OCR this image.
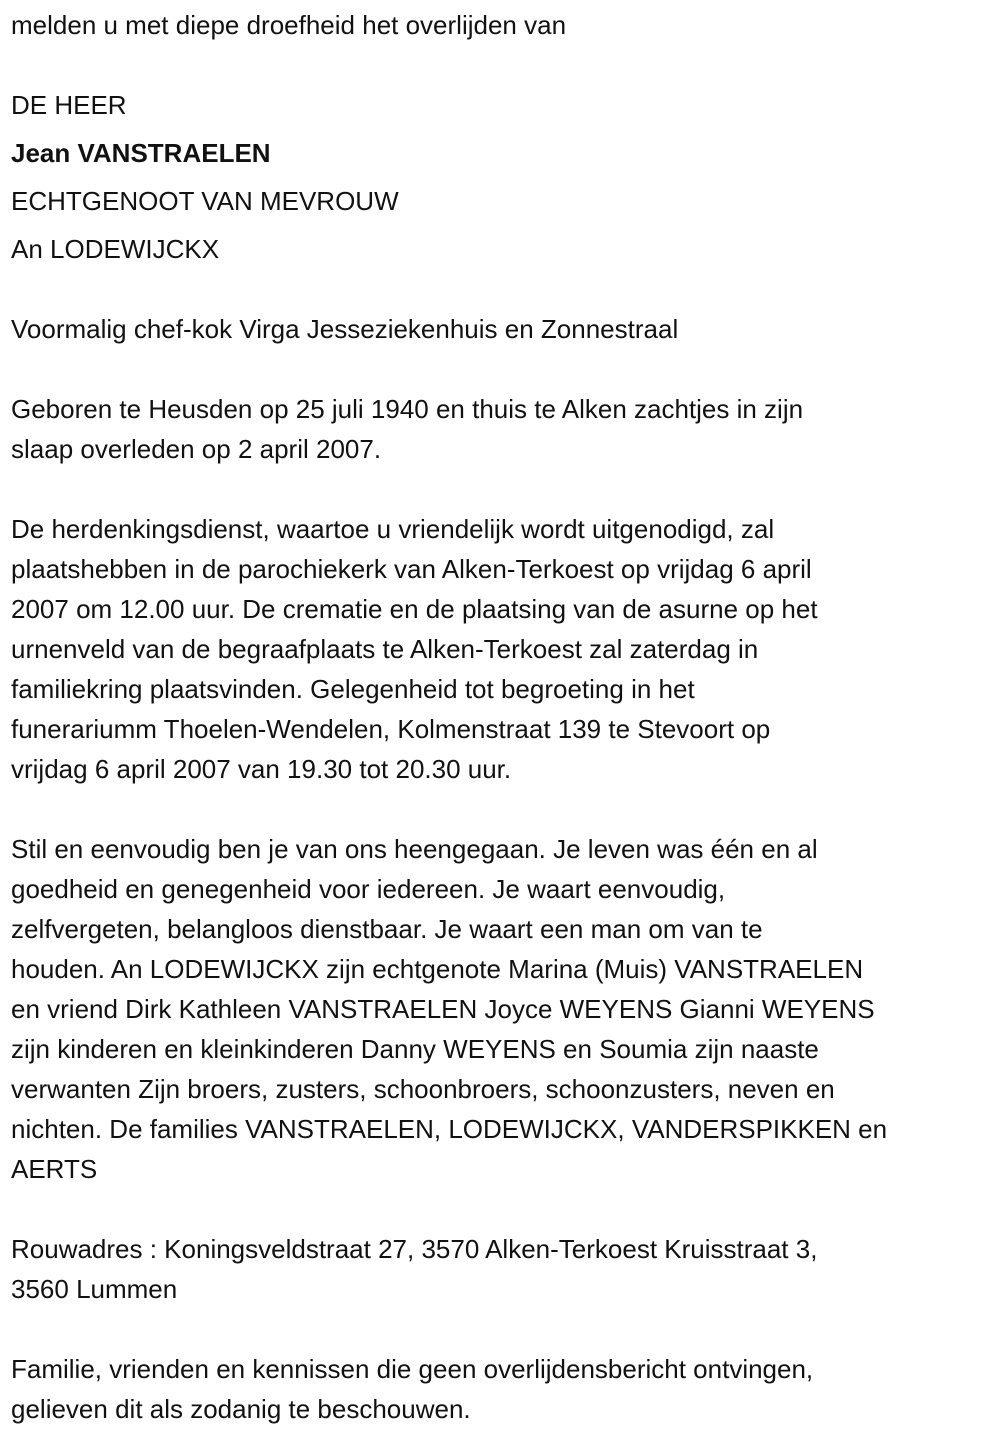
melden u met diepe droefheid het overlijden van
DE HEER
Jean VANSTRAELEN
ECHTGENOOT VAN MEVROUW
An LODEWIJCKX
Voormalig chef-kok Virga Jesseziekenhuis en Zonnestraal
Geboren te Heusden op 25 juli 1940 en thuis te Alken zachtjes in zijn
slaap overleden op 2 april 2007.
De herdenkingsdienst, waartoe u vriendelijk wordt uitgenodigd, zal
plaatshebben in de parochiekerk van Alken-Terkoest op vrijdag 6 april
2007 om 12.00 uur. De crematie en de plaatsing van de asurne op het
urnenveld van de begraafplaats te Alken-Terkoest zal zaterdag in
familiekring plaatsvinden. Gelegenheid tot begroeting in het
funerariumm Thoelen-Wendelen, Kolmenstraat 139 te Stevoort op
vrijdag 6 april 2007 van 19.30 tot 20.30 uur.
Stil en eenvoudig ben je van ons heengegaan. Je leven was één en al
goedheid en genegenheid voor iedereen. Je waart eenvoudig,
zelfvergeten, belangloos dienstbaar. Je waart een man om van te
houden. An LODEWIJCKX zijn echtgenote Marina (Muis) VANSTRAELEN
en vriend Dirk Kathleen VANSTRAELEN Joyce WEYENS Gianni WEYENS
zijn kinderen en kleinkinderen Danny WEYENS en Soumia zijn naaste
verwanten Zijn broers, zusters, schoonbroers, schoonzusters, neven en
nichten. De families VANSTRAELEN, LODEWIJCKX, VANDERSPIKKEN en
AERTS
Rouwadres : Koningsveldstraat 27, 3570 Alken-Terkoest Kruisstraat 3,
3560 Lummen
Familie, vrienden en kennissen die geen overlijdensbericht ontvingen,
gelieven dit als zodanig te beschouwen.
